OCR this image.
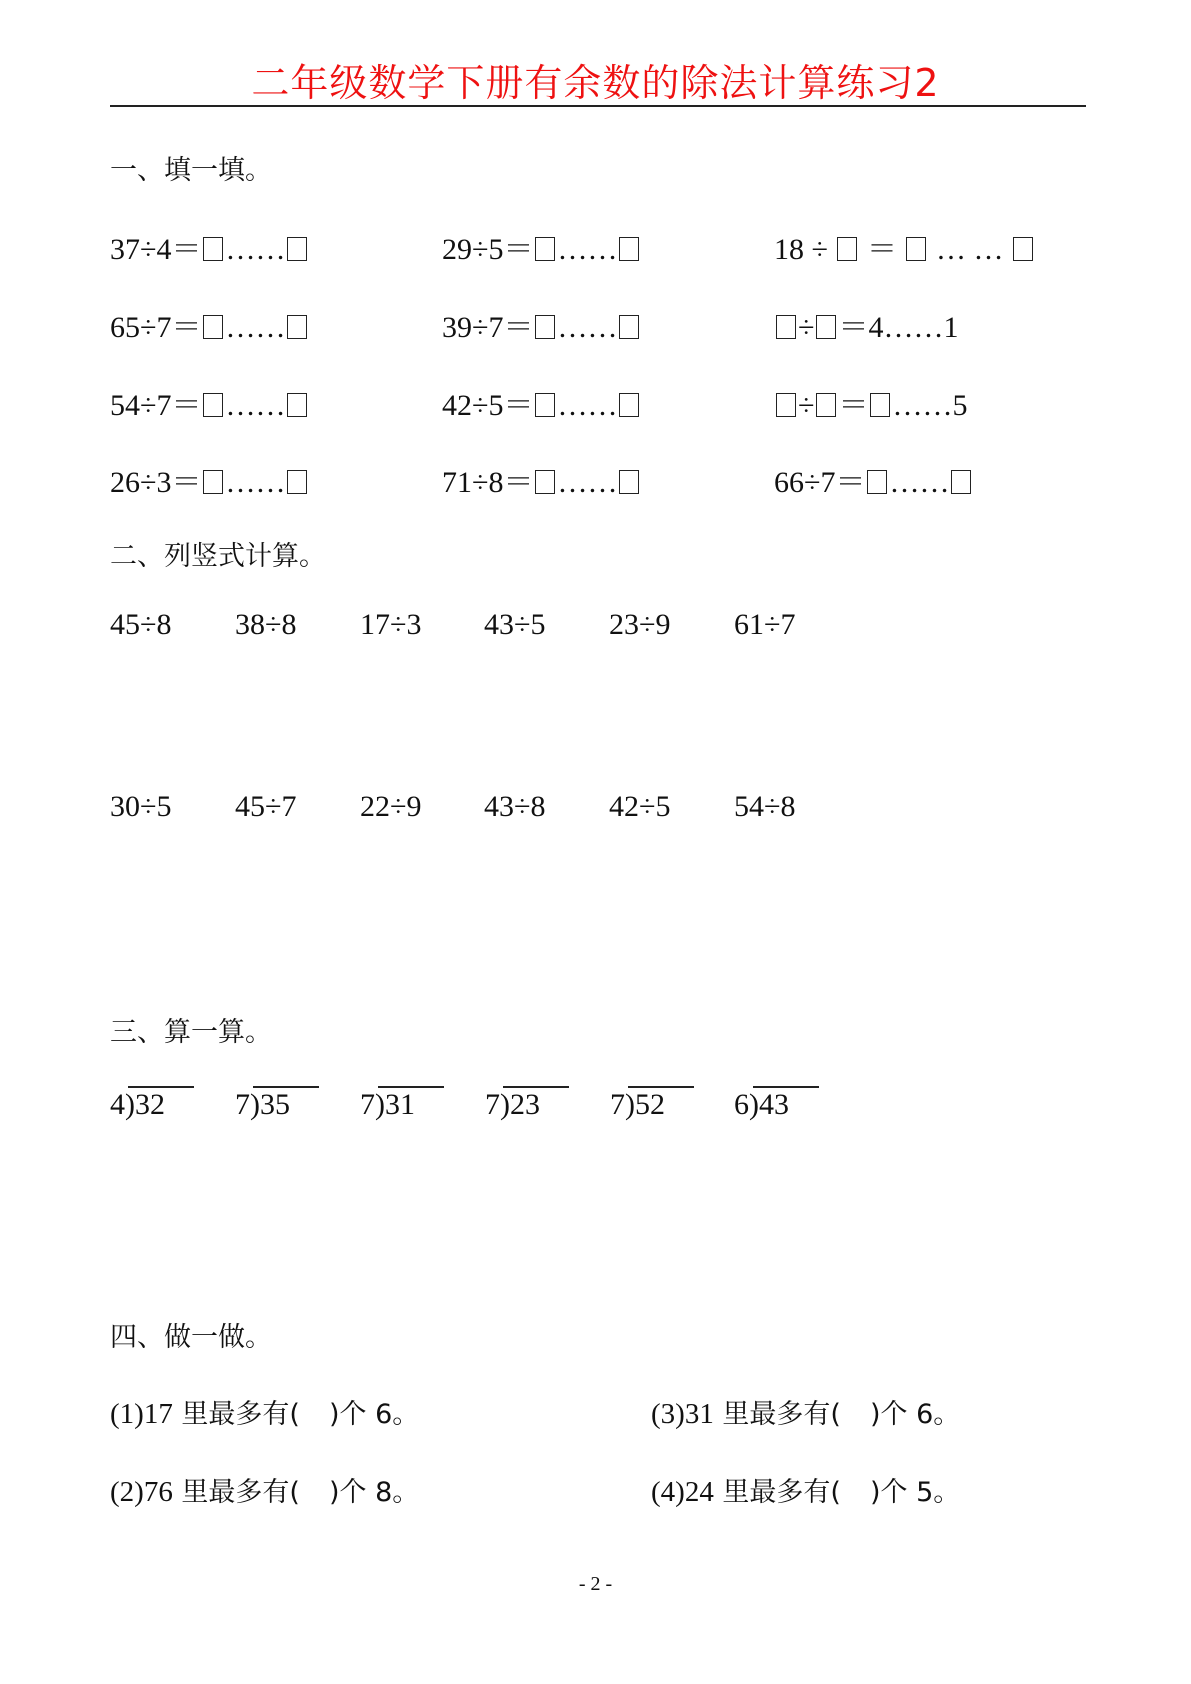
二年级数学下册有余数的除法计算练习2
一、填一填。
37÷4＝ ……	29÷5＝ ……	18 ÷  ＝  … …
65÷7＝ ……	39÷7＝ ……	÷ ＝4……1
54÷7＝ ……	42÷5＝ ……	÷ ＝ ……5
26÷3＝ ……	71÷8＝ ……	66÷7＝ ……
二、列竖式计算。
45÷8 38÷8 17÷3 43÷5 23÷9 61÷7
30÷5 45÷7 22÷9 43÷8 42÷5 54÷8
三、算一算。
4)32 7)35 7)31 7)23 7)52 6)43
四、做一做。
(1)17 里最多有( )个 6。	(3)31 里最多有( )个 6。
(2)76 里最多有( )个 8。	(4)24 里最多有( )个 5。
- 2 -
